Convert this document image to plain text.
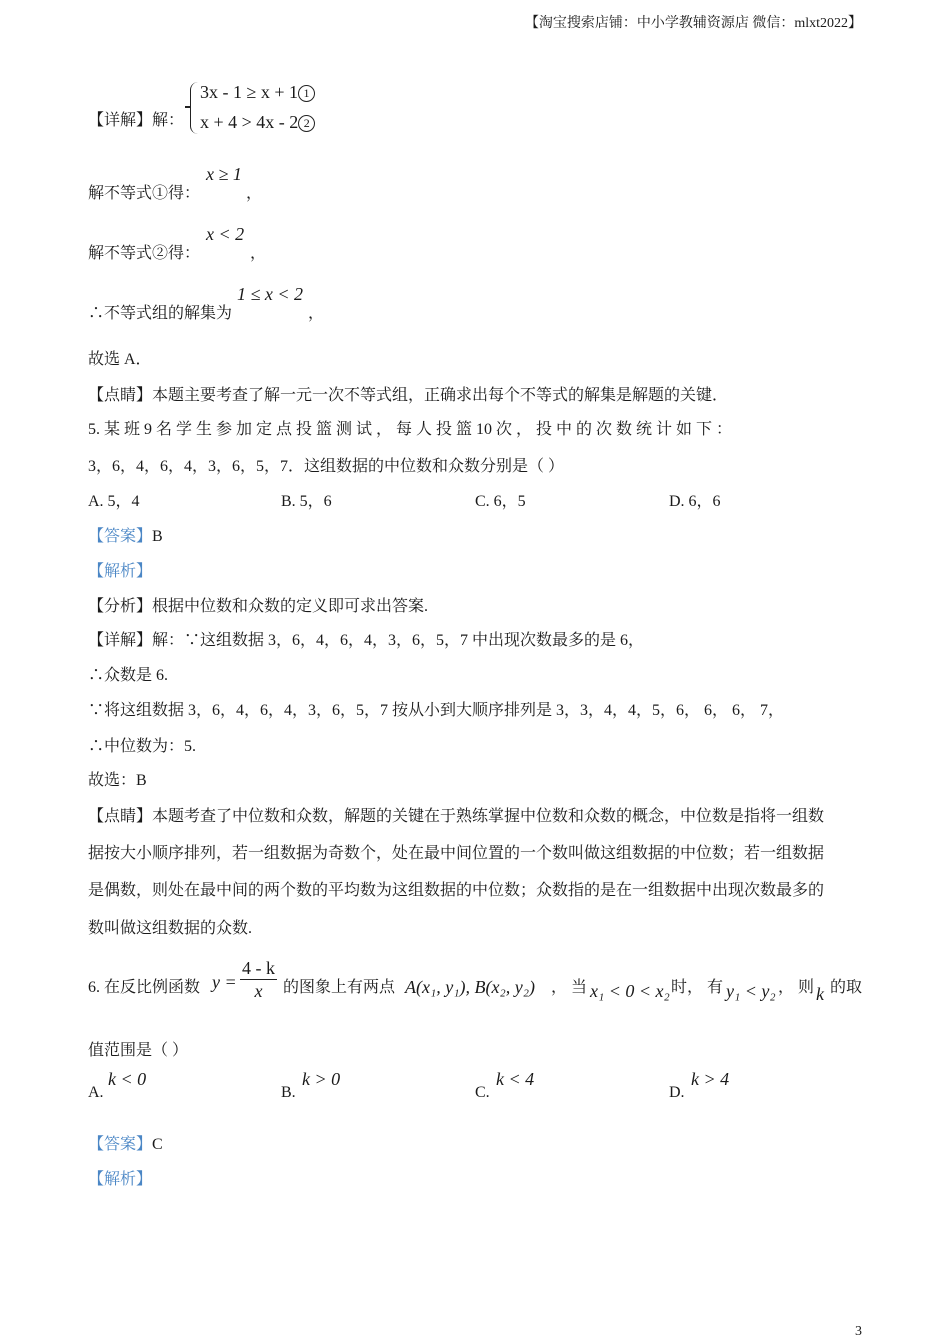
【淘宝搜索店铺：中小学教辅资源店 微信：mlxt2022】
【详解】解：
3x - 1 ≥ x + 1 1
x + 4 > 4x - 2 2
解不等式①得：
x ≥ 1
，
解不等式②得：
x < 2
，
∴不等式组的解集为
1 ≤ x < 2
，
故选 A．
【点睛】本题主要考查了解一元一次不等式组，正确求出每个不等式的解集是解题的关键．
5. 某 班 9 名 学 生 参 加 定 点 投 篮 测 试 ， 每 人 投 篮 10 次 ， 投 中 的 次 数 统 计 如 下 ：
3，6，4，6，4，3，6，5，7．这组数据的中位数和众数分别是（ ）
A. 5，4	B. 5，6	C. 6，5	D. 6，6
【答案】B
【解析】
【分析】根据中位数和众数的定义即可求出答案.
【详解】解：∵这组数据 3，6，4，6，4，3，6，5，7 中出现次数最多的是 6，
∴众数是 6.
∵将这组数据 3，6，4，6，4，3，6，5，7 按从小到大顺序排列是 3，3，4，4，5，6， 6， 6， 7，
∴中位数为：5.
故选：B
【点睛】本题考查了中位数和众数，解题的关键在于熟练掌握中位数和众数的概念，中位数是指将一组数
据按大小顺序排列，若一组数据为奇数个，处在最中间位置的一个数叫做这组数据的中位数；若一组数据
是偶数，则处在最中间的两个数的平均数为这组数据的中位数；众数指的是在一组数据中出现次数最多的
数叫做这组数据的众数.
6. 在反比例函数 $y = \frac{4 - k}{x}$ 的图象上有两点 A(x₁, y₁), B(x₂, y₂) ， 当 x₁ < 0 < x₂ 时， 有 y₁ < y₂ ， 则 k 的取
值范围是（ ）
A.
k < 0
B.
k > 0
C.
k < 4
D.
k > 4
【答案】C
【解析】
3
